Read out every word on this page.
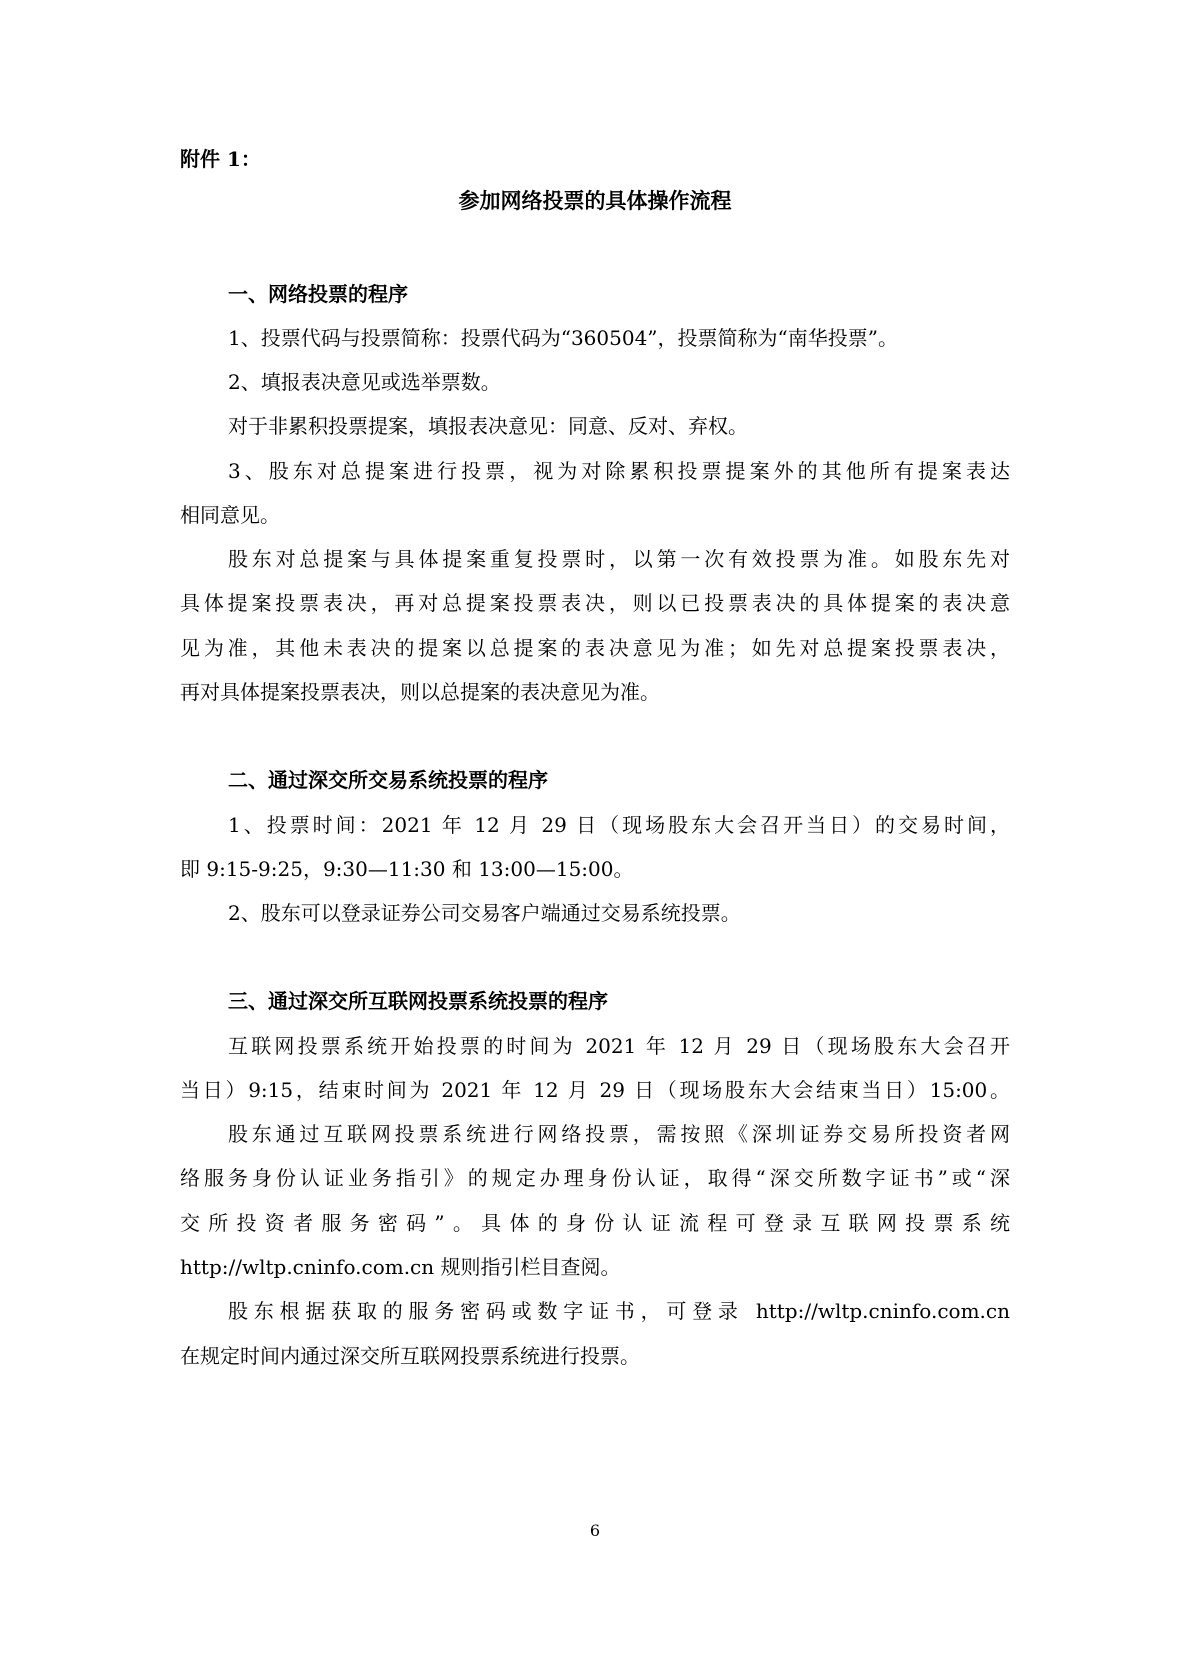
附件 1：
参加网络投票的具体操作流程
一、网络投票的程序
1、投票代码与投票简称：投票代码为“360504”，投票简称为“南华投票”。
2、填报表决意见或选举票数。
对于非累积投票提案，填报表决意见：同意、反对、弃权。
3、股东对总提案进行投票，视为对除累积投票提案外的其他所有提案表达
相同意见。
股东对总提案与具体提案重复投票时，以第一次有效投票为准。如股东先对
具体提案投票表决，再对总提案投票表决，则以已投票表决的具体提案的表决意
见为准，其他未表决的提案以总提案的表决意见为准；如先对总提案投票表决，
再对具体提案投票表决，则以总提案的表决意见为准。
二、通过深交所交易系统投票的程序
1、投票时间：2021 年 12 月 29 日（现场股东大会召开当日）的交易时间，
即 9:15-9:25，9:30—11:30 和 13:00—15:00。
2、股东可以登录证券公司交易客户端通过交易系统投票。
三、通过深交所互联网投票系统投票的程序
互联网投票系统开始投票的时间为 2021 年 12 月 29 日（现场股东大会召开
当日）9:15，结束时间为 2021 年 12 月 29 日（现场股东大会结束当日）15:00。
股东通过互联网投票系统进行网络投票，需按照《深圳证券交易所投资者网
络服务身份认证业务指引》的规定办理身份认证，取得“深交所数字证书”或“深
交所投资者服务密码”。具体的身份认证流程可登录互联网投票系统
http://wltp.cninfo.com.cn 规则指引栏目查阅。
股东根据获取的服务密码或数字证书，可登录 http://wltp.cninfo.com.cn
在规定时间内通过深交所互联网投票系统进行投票。
6
